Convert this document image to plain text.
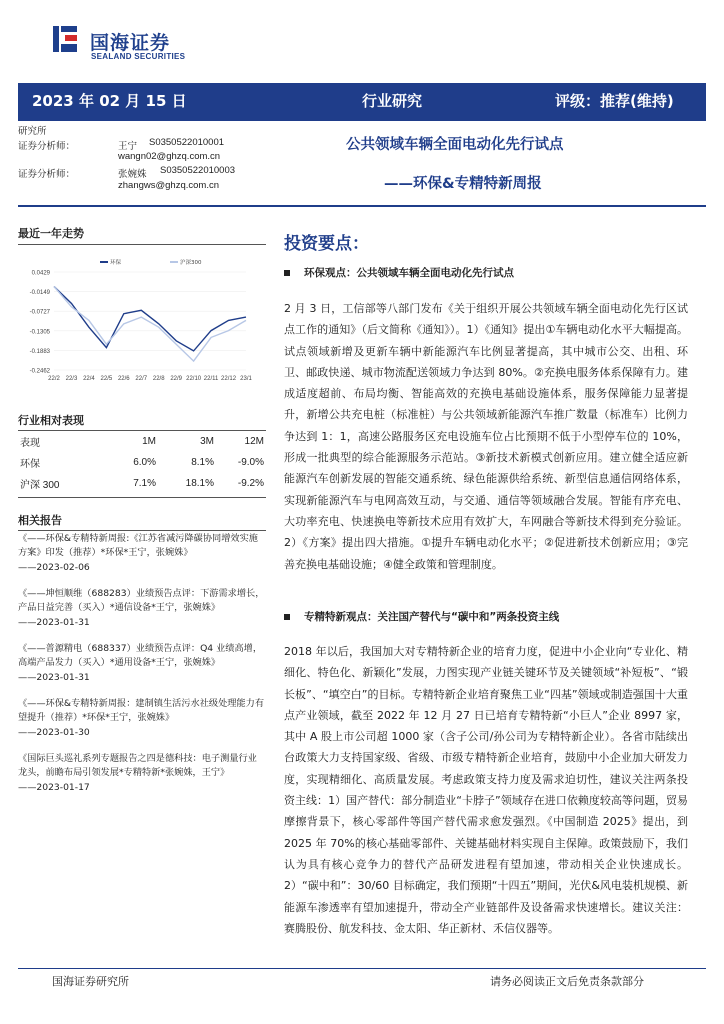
国海证券
SEALAND SECURITIES
2023 年 02 月 15 日	行业研究	评级：推荐(维持)
研究所
证券分析师：	王宁 S0350522010001
wangn02@ghzq.com.cn
证券分析师：	张婉姝 S0350522010003
zhangws@ghzq.com.cn
公共领域车辆全面电动化先行试点
——环保&专精特新周报
最近一年走势
0.0429
-0.0149
-0.0727
-0.1305
-0.1883
-0.2462
22/2 22/3 22/4 22/5 22/6 22/7 22/8 22/9 22/10 22/11 22/12 23/1
环保	沪深300
行业相对表现
表现	1M	3M	12M
环保	6.0%	8.1%	-9.0%
沪深 300	7.1%	18.1%	-9.2%
相关报告
《——环保&专精特新周报:《江苏省减污降碳协同增效实施方案》印发（推荐）*环保*王宁，张婉姝》
——2023-02-06
《——坤恒顺维（688283）业绩预告点评：下游需求增长，产品日益完善（买入）*通信设备*王宁，张婉姝》
——2023-01-31
《——普源精电（688337）业绩预告点评：Q4 业绩高增，高端产品发力（买入）*通用设备*王宁，张婉姝》
——2023-01-31
《——环保&专精特新周报：建制镇生活污水社级处理能力有望提升（推荐）*环保*王宁，张婉姝》
——2023-01-30
《国际巨头巡礼系列专题报告之四是德科技：电子测量行业龙头，前瞻布局引领发展*专精特新*张婉姝，王宁》
——2023-01-17
投资要点：
环保观点：公共领域车辆全面电动化先行试点
2 月 3 日，工信部等八部门发布《关于组织开展公共领域车辆全面电动化先行区试点工作的通知》（后文简称《通知》）。1）《通知》提出①车辆电动化水平大幅提高。试点领域新增及更新车辆中新能源汽车比例显著提高，其中城市公交、出租、环卫、邮政快递、城市物流配送领域力争达到 80%。②充换电服务体系保障有力。建成适度超前、布局均衡、智能高效的充换电基础设施体系，服务保障能力显著提升，新增公共充电桩（标准桩）与公共领域新能源汽车推广数量（标准车）比例力争达到 1：1，高速公路服务区充电设施车位占比预期不低于小型停车位的 10%，形成一批典型的综合能源服务示范站。③新技术新模式创新应用。建立健全适应新能源汽车创新发展的智能交通系统、绿色能源供给系统、新型信息通信网络体系，实现新能源汽车与电网高效互动，与交通、通信等领域融合发展。智能有序充电、大功率充电、快速换电等新技术应用有效扩大，车网融合等新技术得到充分验证。2）《方案》提出四大措施。①提升车辆电动化水平；②促进新技术创新应用；③完善充换电基础设施；④健全政策和管理制度。
专精特新观点：关注国产替代与“碳中和”两条投资主线
2018 年以后，我国加大对专精特新企业的培育力度，促进中小企业向“专业化、精细化、特色化、新颖化”发展，力图实现产业链关键环节及关键领域“补短板”、“锻长板”、“填空白”的目标。专精特新企业培育聚焦工业“四基”领域或制造强国十大重点产业领域，截至 2022 年 12 月 27 日已培育专精特新“小巨人”企业 8997 家，其中 A 股上市公司超 1000 家（含子公司/孙公司为专精特新企业）。各省市陆续出台政策大力支持国家级、省级、市级专精特新企业培育，鼓励中小企业加大研发力度，实现精细化、高质量发展。考虑政策支持力度及需求迫切性，建议关注两条投资主线：1）国产替代：部分制造业“卡脖子”领域存在进口依赖度较高等问题，贸易摩擦背景下，核心零部件等国产替代需求愈发强烈。《中国制造 2025》提出，到 2025 年 70%的核心基础零部件、关键基础材料实现自主保障。政策鼓励下，我们认为具有核心竞争力的替代产品研发进程有望加速，带动相关企业快速成长。2）“碳中和”：30/60 目标确定，我们预期“十四五”期间，光伏&风电装机规模、新能源车渗透率有望加速提升，带动全产业链部件及设备需求快速增长。建议关注：赛腾股份、航发科技、金太阳、华正新材、禾信仪器等。
国海证券研究所	请务必阅读正文后免责条款部分
